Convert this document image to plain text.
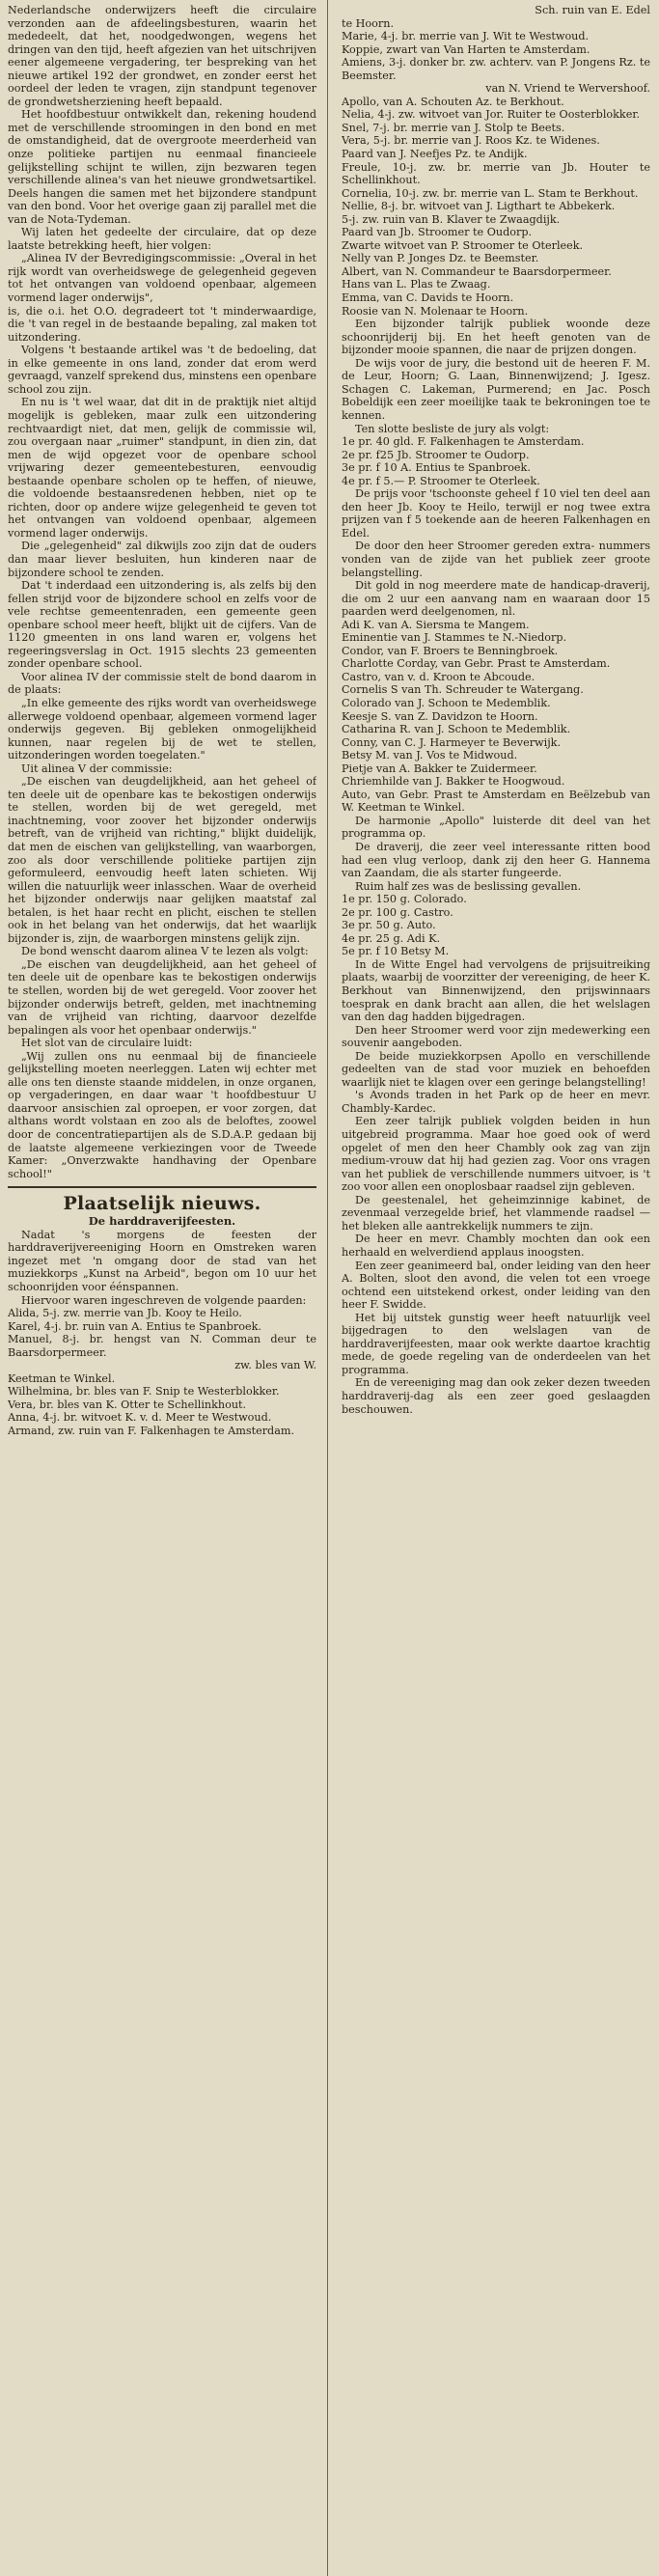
Nederlandsche onderwijzers heeft die circulaire verzonden aan de afdeelingsbesturen, waarin het mededeelt, dat het, noodgedwongen, wegens het dringen van den tijd, heeft afgezien van het uitschrijven eener algemeene vergadering, ter bespreking van het nieuwe artikel 192 der grondwet, en zonder eerst het oordeel der leden te vragen, zijn standpunt tegenover de grondwetsherziening heeft bepaald.

Het hoofdbestuur ontwikkelt dan, rekening houdend met de verschillende stroomingen in den bond en met de omstandigheid, dat de overgroote meerderheid van onze politieke partijen nu eenmaal financieele gelijkstelling schijnt te willen, zijn bezwaren tegen verschillende alinea's van het nieuwe grondwetsartikel. Deels hangen die samen met het bijzondere standpunt van den bond. Voor het overige gaan zij parallel met die van de Nota-Tydeman.

Wij laten het gedeelte der circulaire, dat op deze laatste betrekking heeft, hier volgen:

„Alinea IV der Bevredigingscommissie: „Overal in het rijk wordt van overheidswege de gelegenheid gegeven tot het ontvangen van voldoend openbaar, algemeen vormend lager onderwijs",

is, die o.i. het O.O. degradeert tot 't minderwaardige, die 't van regel in de bestaande bepaling, zal maken tot uitzondering.

Volgens 't bestaande artikel was 't de bedoeling, dat in elke gemeente in ons land, zonder dat erom werd gevraagd, vanzelf sprekend dus, minstens een openbare school zou zijn.

En nu is 't wel waar, dat dit in de praktijk niet altijd mogelijk is gebleken, maar zulk een uitzondering rechtvaardigt niet, dat men, gelijk de commissie wil, zou overgaan naar „ruimer" standpunt, in dien zin, dat men de wijd opgezet voor de openbare school vrijwaring dezer gemeentebesturen, eenvoudig bestaande openbare scholen op te heffen, of nieuwe, die voldoende bestaansredenen hebben, niet op te richten, door op andere wijze gelegenheid te geven tot het ontvangen van voldoend openbaar, algemeen vormend lager onderwijs.

Die „gelegenheid" zal dikwijls zoo zijn dat de ouders dan maar liever besluiten, hun kinderen naar de bijzondere school te zenden.

Dat 't inderdaad een uitzondering is, als zelfs bij den fellen strijd voor de bijzondere school en zelfs voor de vele rechtse gemeentenraden, een gemeente geen openbare school meer heeft, blijkt uit de cijfers. Van de 1120 gmeenten in ons land waren er, volgens het regeeringsverslag in Oct. 1915 slechts 23 gemeenten zonder openbare school.

Voor alinea IV der commissie stelt de bond daarom in de plaats:

„In elke gemeente des rijks wordt van overheidswege allerwege voldoend openbaar, algemeen vormend lager onderwijs gegeven. Bij gebleken onmogelijkheid kunnen, naar regelen bij de wet te stellen, uitzonderingen worden toegelaten."

Uit alinea V der commissie:

„De eischen van deugdelijkheid, aan het geheel of ten deele uit de openbare kas te bekostigen onderwijs te stellen, worden bij de wet geregeld, met inachtneming, voor zoover het bijzonder onderwijs betreft, van de vrijheid van richting," blijkt duidelijk, dat men de eischen van gelijkstelling, van waarborgen, zoo als door verschillende politieke partijen zijn geformuleerd, eenvoudig heeft laten schieten. Wij willen die natuurlijk weer inlasschen. Waar de overheid het bijzonder onderwijs naar gelijken maatstaf zal betalen, is het haar recht en plicht, eischen te stellen ook in het belang van het onderwijs, dat het waarlijk bijzonder is, zijn, de waarborgen minstens gelijk zijn.

De bond wenscht daarom alinea V te lezen als volgt:

„De eischen van deugdelijkheid, aan het geheel of ten deele uit de openbare kas te bekostigen onderwijs te stellen, worden bij de wet geregeld. Voor zoover het bijzonder onderwijs betreft, gelden, met inachtneming van de vrijheid van richting, daarvoor dezelfde bepalingen als voor het openbaar onderwijs."

Het slot van de circulaire luidt:

„Wij zullen ons nu eenmaal bij de financieele gelijkstelling moeten neerleggen. Laten wij echter met alle ons ten dienste staande middelen, in onze organen, op vergaderingen, en daar waar 't hoofdbestuur U daarvoor ansischien zal oproepen, er voor zorgen, dat althans wordt volstaan en zoo als de beloftes, zoowel door de concentratiepartijen als de S.D.A.P. gedaan bij de laatste algemeene verkiezingen voor de Tweede Kamer: „Onverzwakte handhaving der Openbare school!"

Plaatselijk nieuws.
De harddraverijfeesten.

Nadat 's morgens de feesten der harddraverijvereeniging Hoorn en Omstreken waren ingezet met 'n omgang door de stad van het muziekkorps „Kunst na Arbeid", begon om 10 uur het schoonrijden voor éénspannen.

Hiervoor waren ingeschreven de volgende paarden:

Alida, 5-j. zw. merrie van Jb. Kooy te Heilo.

Karel, 4-j. br. ruin van A. Entius te Spanbroek.

Manuel, 8-j. br. hengst van N. Comman deur te Baarsdorpermeer.

zw. bles van W.

Keetman te Winkel.

Wilhelmina, br. bles van F. Snip te Westerblokker.

Vera, br. bles van K. Otter te Schellinkhout.

Anna, 4-j. br. witvoet K. v. d. Meer te Westwoud.

Armand, zw. ruin van F. Falkenhagen te Amsterdam.

Sch. ruin van E. Edel

te Hoorn.

Marie, 4-j. br. merrie van J. Wit te Westwoud.

Koppie, zwart van Van Harten te Amsterdam.

Amiens, 3-j. donker br. zw. achterv. van P. Jongens Rz. te Beemster.

van N. Vriend te Wervershoof.

Apollo, van A. Schouten Az. te Berkhout.

Nelia, 4-j. zw. witvoet van Jor. Ruiter te Oosterblokker.

Snel, 7-j. br. merrie van J. Stolp te Beets.

Vera, 5-j. br. merrie van J. Roos Kz. te Widenes.

Paard van J. Neefjes Pz. te Andijk.

Freule, 10-j. zw. br. merrie van Jb. Houter te Schellinkhout.

Cornelia, 10-j. zw. br. merrie van L. Stam te Berkhout.

Nellie, 8-j. br. witvoet van J. Ligthart te Abbekerk.

5-j. zw. ruin van B. Klaver te Zwaagdijk.

Paard van Jb. Stroomer te Oudorp.

Zwarte witvoet van P. Stroomer te Oterleek.

Nelly van P. Jonges Dz. te Beemster.

Albert, van N. Commandeur te Baarsdorpermeer.

Hans van L. Plas te Zwaag.

Emma, van C. Davids te Hoorn.

Roosie van N. Molenaar te Hoorn.

Een bijzonder talrijk publiek woonde deze schoonrijderij bij. En het heeft genoten van de bijzonder mooie spannen, die naar de prijzen dongen.

De wijs voor de jury, die bestond uit de heeren F. M. de Leur, Hoorn; G. Laan, Binnenwijzend; J. Igesz. Schagen C. Lakeman, Purmerend; en Jac. Posch Bobeldijk een zeer moeilijke taak te bekroningen toe te kennen.

Ten slotte besliste de jury als volgt:

1e pr. 40 gld. F. Falkenhagen te Amsterdam.

2e pr. f25 Jb. Stroomer te Oudorp.

3e pr. f 10 A. Entius te Spanbroek.

4e pr. f 5.— P. Stroomer te Oterleek.

De prijs voor 'tschoonste geheel f 10 viel ten deel aan den heer Jb. Kooy te Heilo, terwijl er nog twee extra prijzen van f 5 toekende aan de heeren Falkenhagen en Edel.

De door den heer Stroomer gereden extra- nummers vonden van de zijde van het publiek zeer groote belangstelling.

Dit gold in nog meerdere mate de handicap-draverij, die om 2 uur een aanvang nam en waaraan door 15 paarden werd deelgenomen, nl.

Adi K. van A. Siersma te Mangem.

Eminentie van J. Stammes te N.-Niedorp.

Condor, van F. Broers te Benningbroek.

Charlotte Corday, van Gebr. Prast te Amsterdam.

Castro, van v. d. Kroon te Abcoude.

Cornelis S van Th. Schreuder te Watergang.

Colorado van J. Schoon te Medemblik.

Keesje S. van Z. Davidzon te Hoorn.

Catharina R. van J. Schoon te Medemblik.

Conny, van C. J. Harmeyer te Beverwijk.

Betsy M. van J. Vos te Midwoud.

Pietje van A. Bakker te Zuidermeer.

Chriemhilde van J. Bakker te Hoogwoud.

Auto, van Gebr. Prast te Amsterdam en Beëlzebub van W. Keetman te Winkel.

De harmonie „Apollo" luisterde dit deel van het programma op.

De draverij, die zeer veel interessante ritten bood had een vlug verloop, dank zij den heer G. Hannema van Zaandam, die als starter fungeerde.

Ruim half zes was de beslissing gevallen.

1e pr. 150 g. Colorado.

2e pr. 100 g. Castro.

3e pr. 50 g. Auto.

4e pr. 25 g. Adi K.

5e pr. f 10 Betsy M.

In de Witte Engel had vervolgens de prijsuitreiking plaats, waarbij de voorzitter der vereeniging, de heer K. Berkhout van Binnenwijzend, den prijswinnaars toesprak en dank bracht aan allen, die het welslagen van den dag hadden bijgedragen.

Den heer Stroomer werd voor zijn medewerking een souvenir aangeboden.

De beide muziekkorpsen Apollo en verschillende gedeelten van de stad voor muziek en behoefden waarlijk niet te klagen over een geringe belangstelling!

's Avonds traden in het Park op de heer en mevr. Chambly-Kardec.

Een zeer talrijk publiek volgden beiden in hun uitgebreid programma. Maar hoe goed ook of werd opgelet of men den heer Chambly ook zag van zijn medium-vrouw dat hij had gezien zag. Voor ons vragen van het publiek de verschillende nummers uitvoer, is 't zoo voor allen een onoplosbaar raadsel zijn gebleven.

De geestenalel, het geheimzinnige kabinet, de zevenmaal verzegelde brief, het vlammende raadsel — het bleken alle aantrekkelijk nummers te zijn.

De heer en mevr. Chambly mochten dan ook een herhaald en welverdiend applaus inoogsten.

Een zeer geanimeerd bal, onder leiding van den heer A. Bolten, sloot den avond, die velen tot een vroege ochtend een uitstekend orkest, onder leiding van den heer F. Swidde.

Het bij uitstek gunstig weer heeft natuurlijk veel bijgedragen to den welslagen van de harddraverijfeesten, maar ook werkte daartoe krachtig mede, de goede regeling van de onderdeelen van het programma.

En de vereeniging mag dan ook zeker dezen tweeden harddraverij-dag als een zeer goed geslaagden beschouwen.
